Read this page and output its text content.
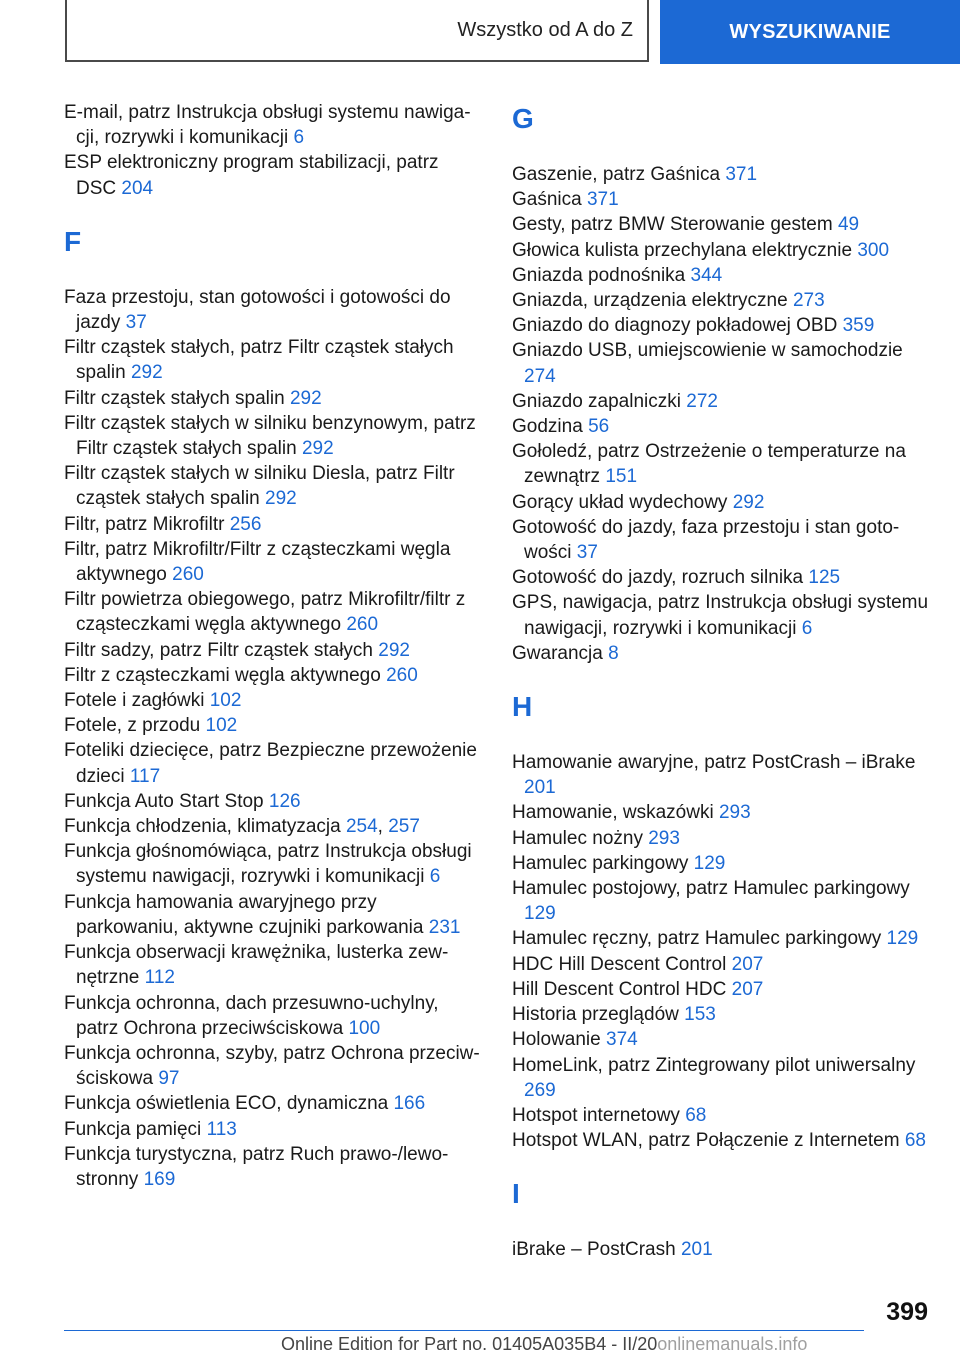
Wszystko od A do Z	WYSZUKIWANIE
E-mail, patrz Instrukcja obsługi systemu nawigacji, rozrywki i komunikacji 6
ESP elektroniczny program stabilizacji, patrz DSC 204
F
Faza przestoju, stan gotowości i gotowości do jazdy 37
Filtr cząstek stałych, patrz Filtr cząstek stałych spalin 292
Filtr cząstek stałych spalin 292
Filtr cząstek stałych w silniku benzynowym, patrz Filtr cząstek stałych spalin 292
Filtr cząstek stałych w silniku Diesla, patrz Filtr cząstek stałych spalin 292
Filtr, patrz Mikrofiltr 256
Filtr, patrz Mikrofiltr/Filtr z cząsteczkami węgla aktywnego 260
Filtr powietrza obiegowego, patrz Mikrofiltr/filtr z cząsteczkami węgla aktywnego 260
Filtr sadzy, patrz Filtr cząstek stałych 292
Filtr z cząsteczkami węgla aktywnego 260
Fotele i zagłówki 102
Fotele, z przodu 102
Foteliki dziecięce, patrz Bezpieczne przewożenie dzieci 117
Funkcja Auto Start Stop 126
Funkcja chłodzenia, klimatyzacja 254, 257
Funkcja głośnomówiąca, patrz Instrukcja obsługi systemu nawigacji, rozrywki i komunikacji 6
Funkcja hamowania awaryjnego przy parkowaniu, aktywne czujniki parkowania 231
Funkcja obserwacji krawężnika, lusterka zewnętrzne 112
Funkcja ochronna, dach przesuwno-uchylny, patrz Ochrona przeciwściskowa 100
Funkcja ochronna, szyby, patrz Ochrona przeciwściskowa 97
Funkcja oświetlenia ECO, dynamiczna 166
Funkcja pamięci 113
Funkcja turystyczna, patrz Ruch prawo-/lewostronny 169
G
Gaszenie, patrz Gaśnica 371
Gaśnica 371
Gesty, patrz BMW Sterowanie gestem 49
Głowica kulista przechylana elektrycznie 300
Gniazda podnośnika 344
Gniazda, urządzenia elektryczne 273
Gniazdo do diagnozy pokładowej OBD 359
Gniazdo USB, umiejscowienie w samochodzie 274
Gniazdo zapalniczki 272
Godzina 56
Gołoledź, patrz Ostrzeżenie o temperaturze na zewnątrz 151
Gorący układ wydechowy 292
Gotowość do jazdy, faza przestoju i stan gotowości 37
Gotowość do jazdy, rozruch silnika 125
GPS, nawigacja, patrz Instrukcja obsługi systemu nawigacji, rozrywki i komunikacji 6
Gwarancja 8
H
Hamowanie awaryjne, patrz PostCrash – iBrake 201
Hamowanie, wskazówki 293
Hamulec nożny 293
Hamulec parkingowy 129
Hamulec postojowy, patrz Hamulec parkingowy 129
Hamulec ręczny, patrz Hamulec parkingowy 129
HDC Hill Descent Control 207
Hill Descent Control HDC 207
Historia przeglądów 153
Holowanie 374
HomeLink, patrz Zintegrowany pilot uniwersalny 269
Hotspot internetowy 68
Hotspot WLAN, patrz Połączenie z Internetem 68
I
iBrake – PostCrash 201
399
Online Edition for Part no. 01405A035B4 - II/20onlinemanuals.info
